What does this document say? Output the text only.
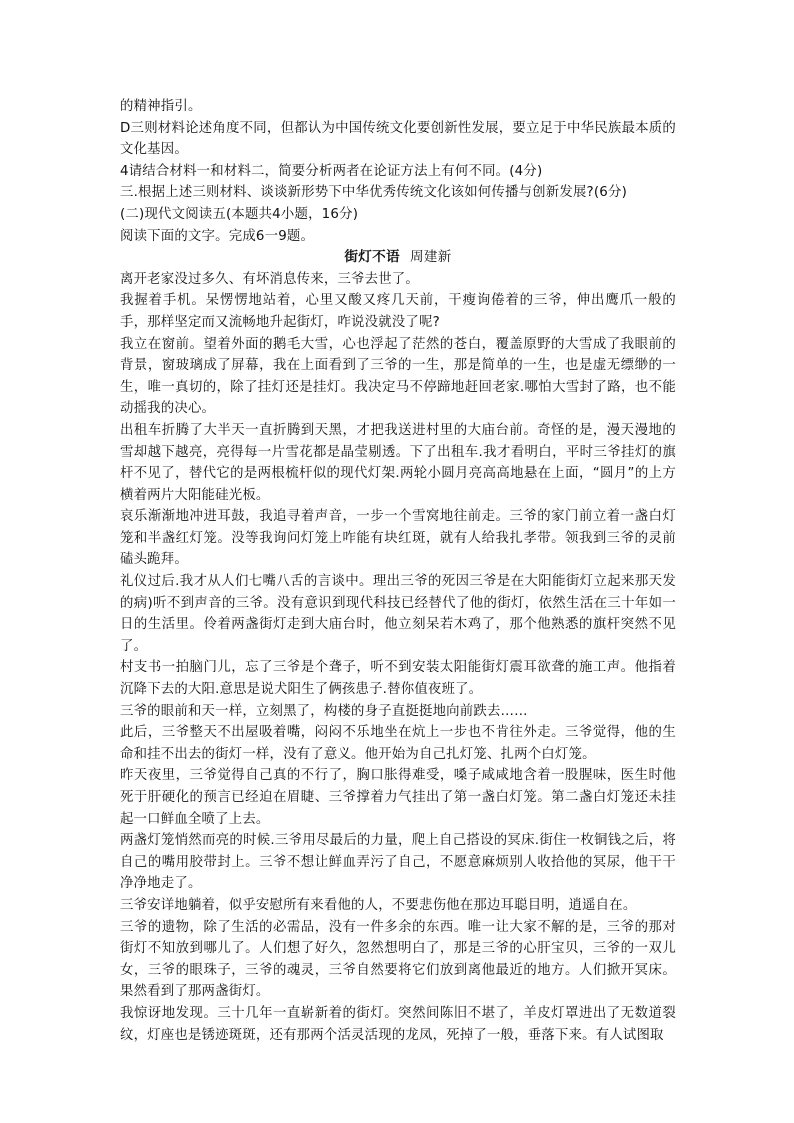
的精神指引。

D三则材料论述角度不同，但都认为中国传统文化要创新性发展，要立足于中华民族最本质的文化基因。

4请结合材料一和材料二，简要分析两者在论证方法上有何不同。(4分)

三.根据上述三则材料、谈谈新形势下中华优秀传统文化该如何传播与创新发展?(6分)

(二)现代文阅读五(本题共4小题，16分)

阅读下面的文字。完成6一9题。

街灯不语 周建新

离开老家没过多久、有坏消息传来，三爷去世了。

我握着手机。呆愣愣地站着，心里又酸又疼几天前，干瘦询倦着的三爷，伸出鹰爪一般的手，那样坚定而又流畅地升起街灯，咋说没就没了呢?

我立在窗前。望着外面的鹅毛大雪，心也浮起了茫然的苍白，覆盖原野的大雪成了我眼前的背景，窗玻璃成了屏幕，我在上面看到了三爷的一生，那是简单的一生，也是虚无缥缈的一生，唯一真切的，除了挂灯还是挂灯。我决定马不停蹄地赶回老家.哪怕大雪封了路，也不能动摇我的决心。

出租车折腾了大半天一直折腾到天黑，才把我送进村里的大庙台前。奇怪的是，漫天漫地的雪却越下越亮，亮得每一片雪花都是晶莹剔透。下了出租车.我才看明白，平时三爷挂灯的旗杆不见了，替代它的是两根梳杆似的现代灯架.两轮小圆月亮高高地悬在上面，“圆月”的上方横着两片大阳能硅光板。

哀乐渐渐地冲进耳鼓，我追寻着声音，一步一个雪窝地往前走。三爷的家门前立着一盏白灯笼和半盏红灯笼。没等我询问灯笼上咋能有块红斑，就有人给我扎孝带。领我到三爷的灵前磕头跪拜。

礼仪过后.我才从人们七嘴八舌的言谈中。理出三爷的死因三爷是在大阳能街灯立起来那天发的病)听不到声音的三爷。没有意识到现代科技已经替代了他的街灯，依然生活在三十年如一日的生活里。伶着两盏街灯走到大庙台时，他立刻呆若木鸡了，那个他熟悉的旗杆突然不见了。

村支书一拍脑门儿，忘了三爷是个聋子，听不到安装太阳能街灯震耳欲聋的施工声。他指着沉降下去的大阳.意思是说犬阳生了俩孩患子.替你值夜班了。

三爷的眼前和天一样，立刻黑了，构楼的身子直挺挺地向前跌去……

此后，三爷整天不出屋吸着嘴，闷闷不乐地坐在炕上一步也不肯往外走。三爷觉得，他的生命和挂不出去的街灯一样，没有了意义。他开始为自己扎灯笼、扎两个白灯笼。

昨天夜里，三爷觉得自己真的不行了，胸口胀得难受，嗓子咸咸地含着一股腥味，医生时他死于肝硬化的预言已经迫在眉睫、三爷撑着力气挂出了第一盏白灯笼。第二盏白灯笼还未挂起一口鲜血全喷了上去。

两盏灯笼悄然而亮的时候.三爷用尽最后的力量，爬上自己搭设的冥床.街住一枚铜钱之后，将自己的嘴用胶带封上。三爷不想让鲜血弄污了自己，不愿意麻烦别人收拾他的冥尿，他干干净净地走了。

三爷安详地躺着，似乎安慰所有来看他的人，不要悲伤他在那边耳聪目明，逍遥自在。

三爷的遗物，除了生活的必需品，没有一件多余的东西。唯一让大家不解的是，三爷的那对街灯不知放到哪儿了。人们想了好久，忽然想明白了，那是三爷的心肝宝贝，三爷的一双儿女，三爷的眼珠子，三爷的魂灵，三爷自然要将它们放到离他最近的地方。人们掀开冥床。果然看到了那两盏街灯。

我惊讶地发现。三十几年一直崭新着的街灯。突然间陈旧不堪了，羊皮灯罩进出了无数道裂纹，灯座也是锈迹斑斑，还有那两个活灵活现的龙凤，死掉了一般，垂落下来。有人试图取
